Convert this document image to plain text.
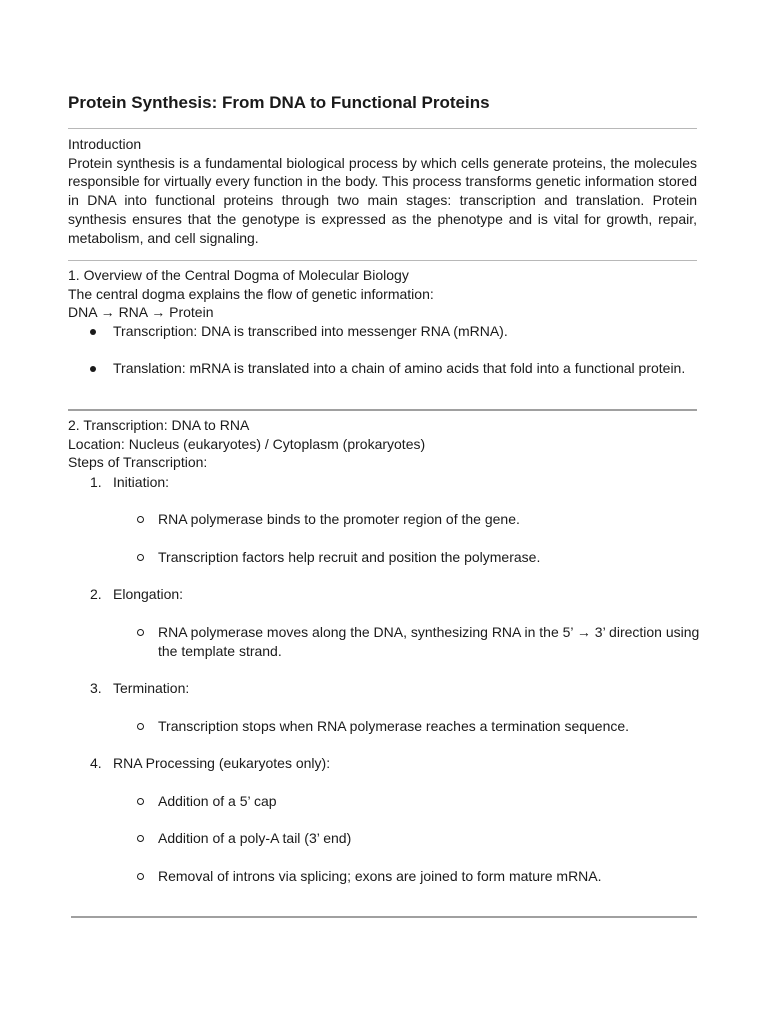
Protein Synthesis: From DNA to Functional Proteins
Introduction
Protein synthesis is a fundamental biological process by which cells generate proteins, the molecules responsible for virtually every function in the body. This process transforms genetic information stored in DNA into functional proteins through two main stages: transcription and translation. Protein synthesis ensures that the genotype is expressed as the phenotype and is vital for growth, repair, metabolism, and cell signaling.
1. Overview of the Central Dogma of Molecular Biology
The central dogma explains the flow of genetic information:
DNA → RNA → Protein
Transcription: DNA is transcribed into messenger RNA (mRNA).
Translation: mRNA is translated into a chain of amino acids that fold into a functional protein.
2. Transcription: DNA to RNA
Location: Nucleus (eukaryotes) / Cytoplasm (prokaryotes)
Steps of Transcription:
1. Initiation:
RNA polymerase binds to the promoter region of the gene.
Transcription factors help recruit and position the polymerase.
2. Elongation:
RNA polymerase moves along the DNA, synthesizing RNA in the 5’ → 3’ direction using
the template strand.
3. Termination:
Transcription stops when RNA polymerase reaches a termination sequence.
4. RNA Processing (eukaryotes only):
Addition of a 5’ cap
Addition of a poly-A tail (3’ end)
Removal of introns via splicing; exons are joined to form mature mRNA.
